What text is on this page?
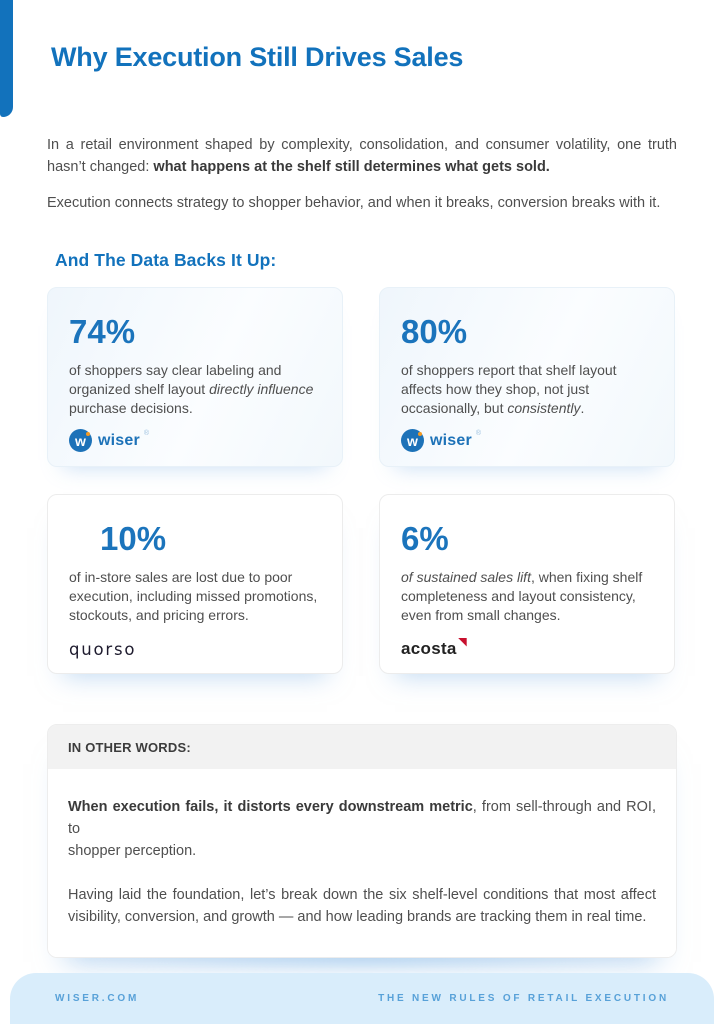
Why Execution Still Drives Sales

In a retail environment shaped by complexity, consolidation, and consumer volatility, one truth
hasn’t changed: what happens at the shelf still determines what gets sold.

Execution connects strategy to shopper behavior, and when it breaks, conversion breaks with it.

And The Data Backs It Up:
74%
of shoppers say clear labeling and
organized shelf layout directly influence
purchase decisions.
w wiser ®
80%
of shoppers report that shelf layout
affects how they shop, not just
occasionally, but consistently.
w wiser ®
10%
of in-store sales are lost due to poor
execution, including missed promotions,
stockouts, and pricing errors.
quorso
6%
of sustained sales lift, when fixing shelf
completeness and layout consistency,
even from small changes.
acosta
IN OTHER WORDS:

When execution fails, it distorts every downstream metric, from sell-through and ROI, to
shopper perception.

Having laid the foundation, let’s break down the six shelf-level conditions that most affect
visibility, conversion, and growth — and how leading brands are tracking them in real time.

WISER.COM	THE NEW RULES OF RETAIL EXECUTION
